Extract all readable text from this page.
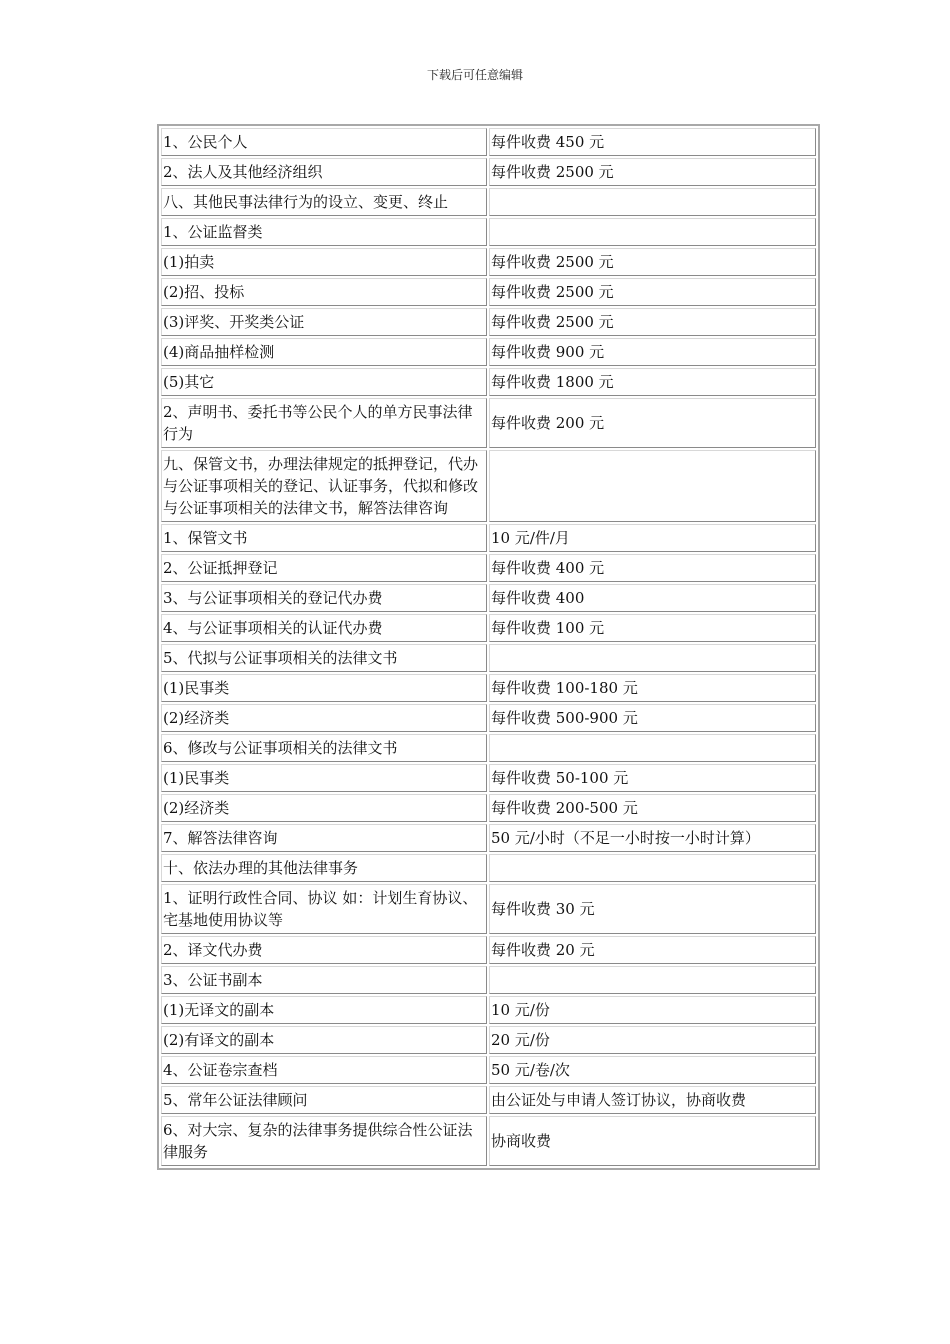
下载后可任意编辑
1、公民个人	每件收费 450 元
2、法人及其他经济组织	每件收费 2500 元
八、其他民事法律行为的设立、变更、终止	
1、公证监督类	
(1)拍卖	每件收费 2500 元
(2)招、投标	每件收费 2500 元
(3)评奖、开奖类公证	每件收费 2500 元
(4)商品抽样检测	每件收费 900 元
(5)其它	每件收费 1800 元
2、声明书、委托书等公民个人的单方民事法律行为	每件收费 200 元
九、保管文书，办理法律规定的抵押登记，代办与公证事项相关的登记、认证事务，代拟和修改与公证事项相关的法律文书，解答法律咨询	
1、保管文书	10 元/件/月
2、公证抵押登记	每件收费 400 元
3、与公证事项相关的登记代办费	每件收费 400
4、与公证事项相关的认证代办费	每件收费 100 元
5、代拟与公证事项相关的法律文书	
(1)民事类	每件收费 100-180 元
(2)经济类	每件收费 500-900 元
6、修改与公证事项相关的法律文书	
(1)民事类	每件收费 50-100 元
(2)经济类	每件收费 200-500 元
7、解答法律咨询	50 元/小时（不足一小时按一小时计算）
十、依法办理的其他法律事务	
1、证明行政性合同、协议 如：计划生育协议、宅基地使用协议等	每件收费 30 元
2、译文代办费	每件收费 20 元
3、公证书副本	
(1)无译文的副本	10 元/份
(2)有译文的副本	20 元/份
4、公证卷宗查档	50 元/卷/次
5、常年公证法律顾问	由公证处与申请人签订协议，协商收费
6、对大宗、复杂的法律事务提供综合性公证法律服务	协商收费
